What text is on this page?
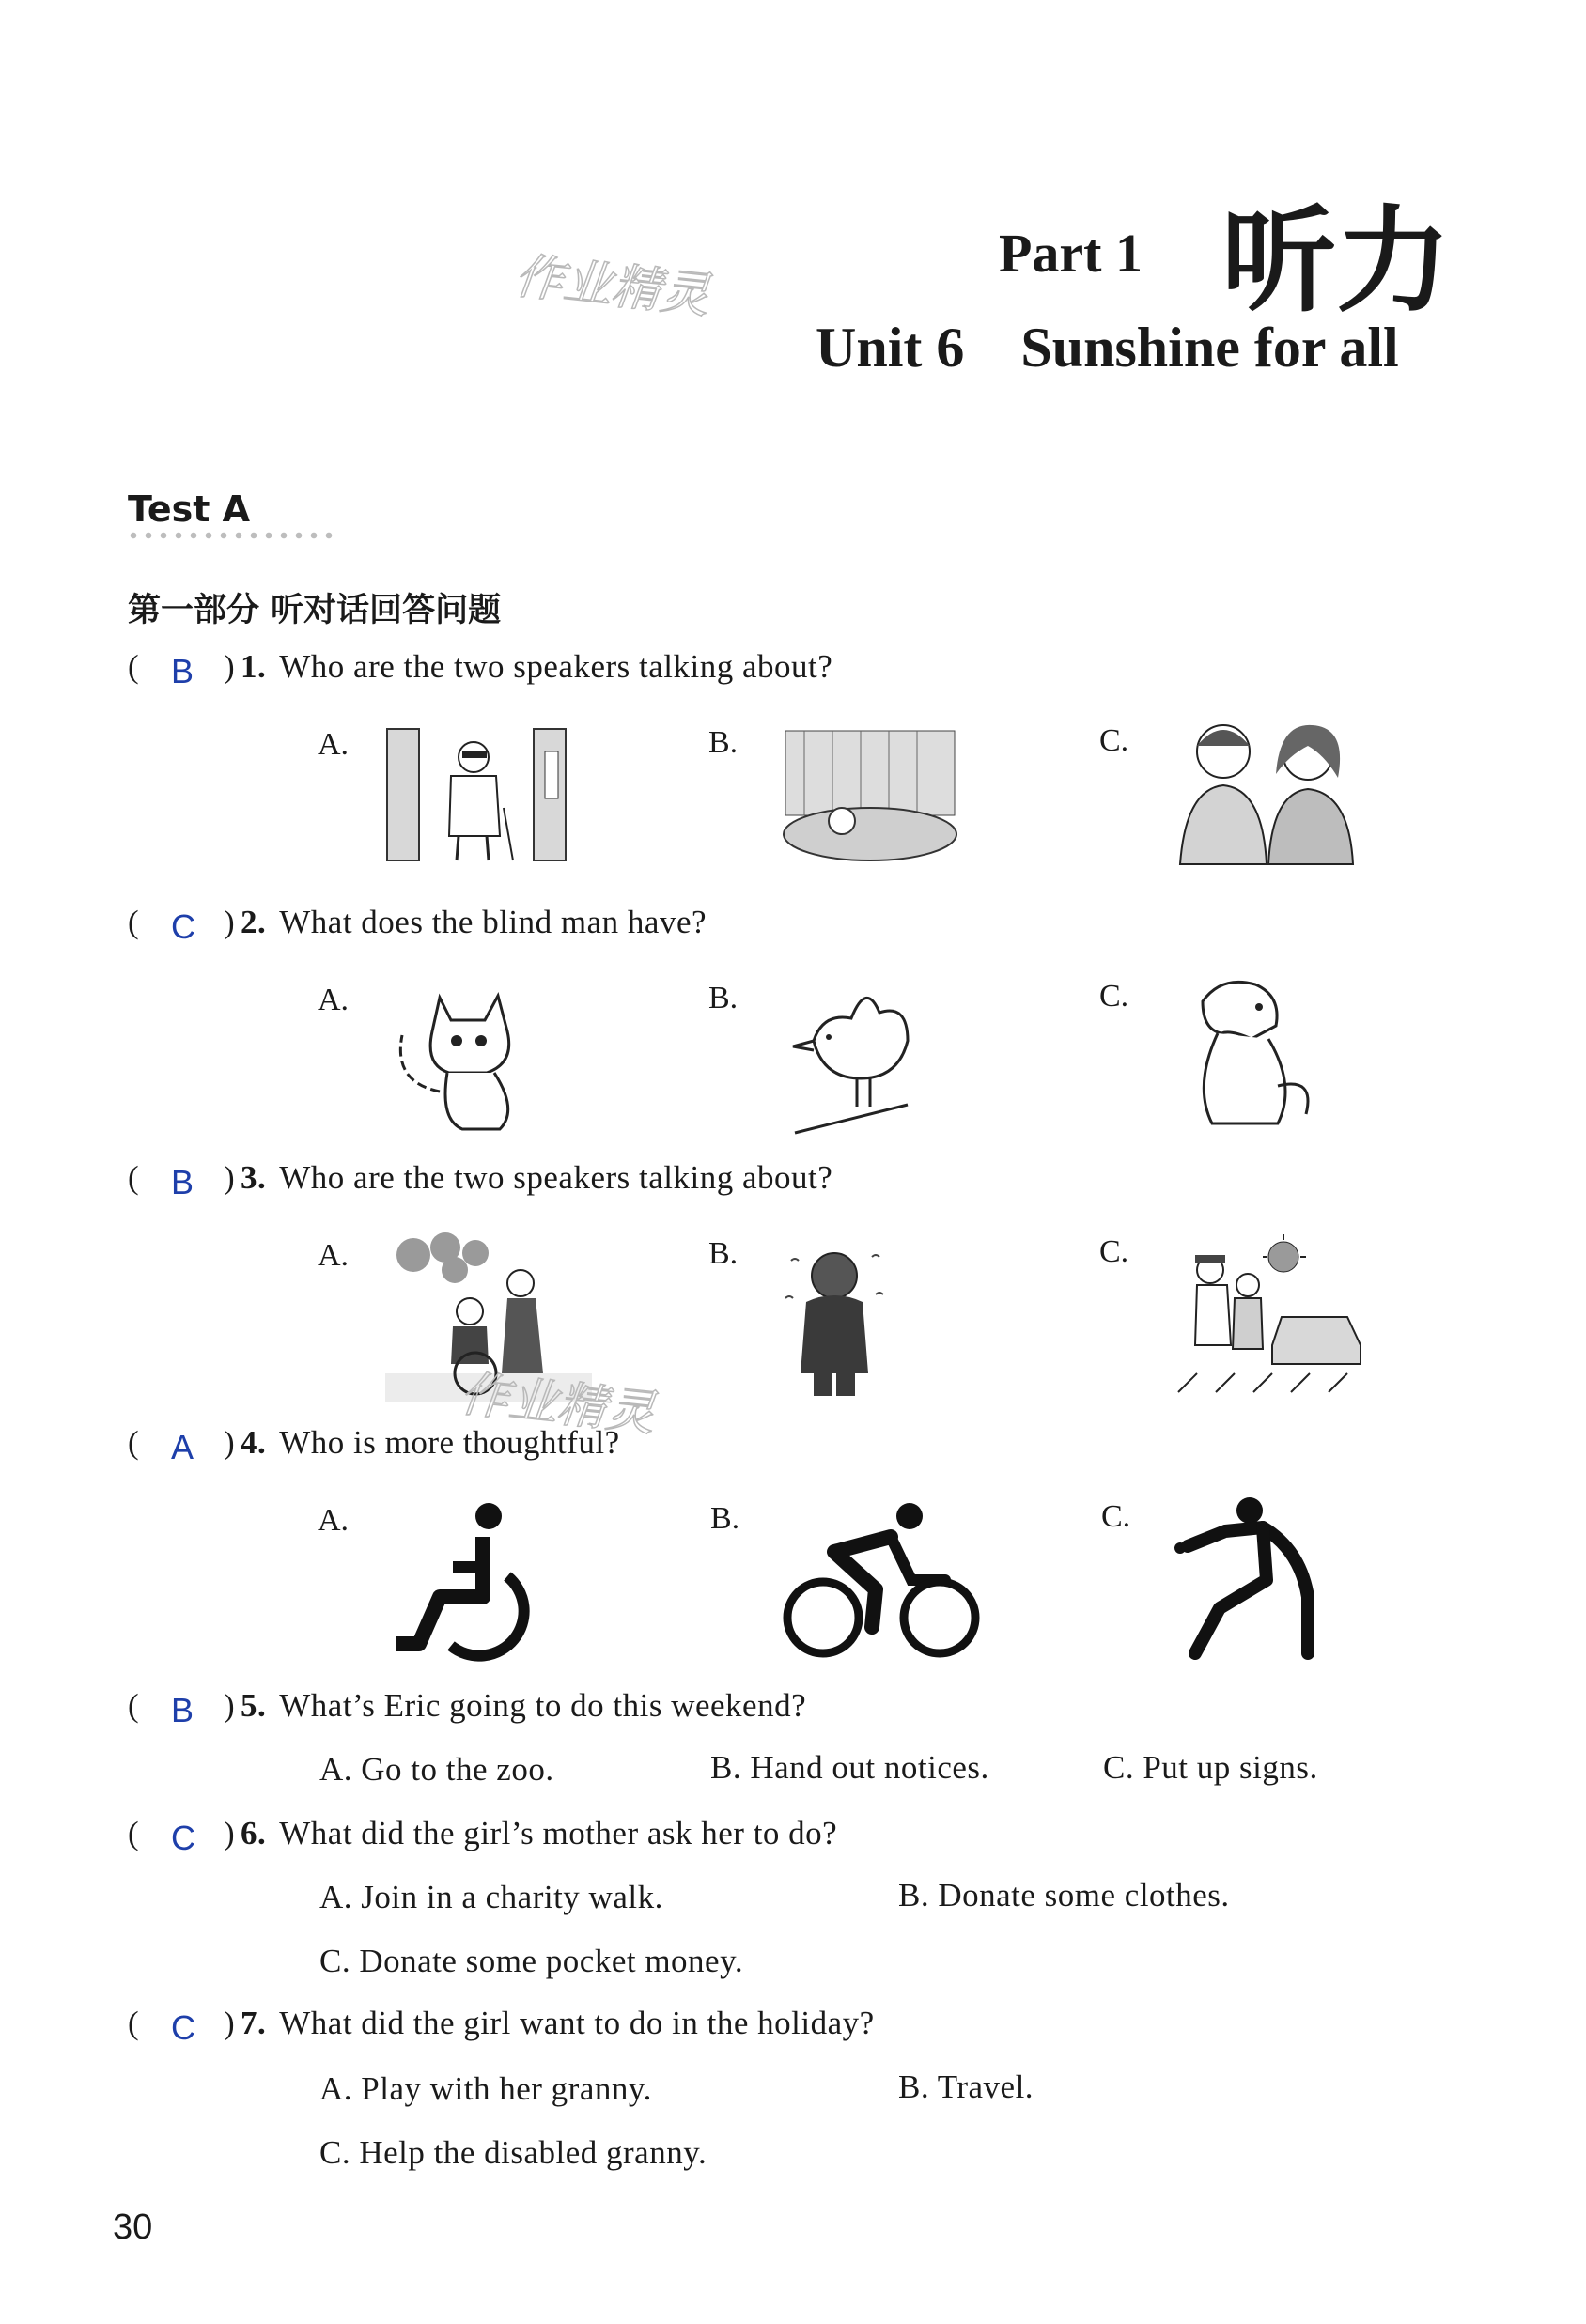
Part 1 听力
Unit 6    Sunshine for all
作业精灵
Test A
第一部分 听对话回答问题
( B ) 1. Who are the two speakers talking about?
A.	B.	C.
( C ) 2. What does the blind man have?
A.	B.	C.
( B ) 3. Who are the two speakers talking about?
A.	B.	C.
作业精灵
( A ) 4. Who is more thoughtful?
A.	B.	C.
( B ) 5. What’s Eric going to do this weekend?
A. Go to the zoo.	B. Hand out notices.	C. Put up signs.
( C ) 6. What did the girl’s mother ask her to do?
A. Join in a charity walk.	B. Donate some clothes.
C. Donate some pocket money.
( C ) 7. What did the girl want to do in the holiday?
A. Play with her granny.	B. Travel.
C. Help the disabled granny.
30
